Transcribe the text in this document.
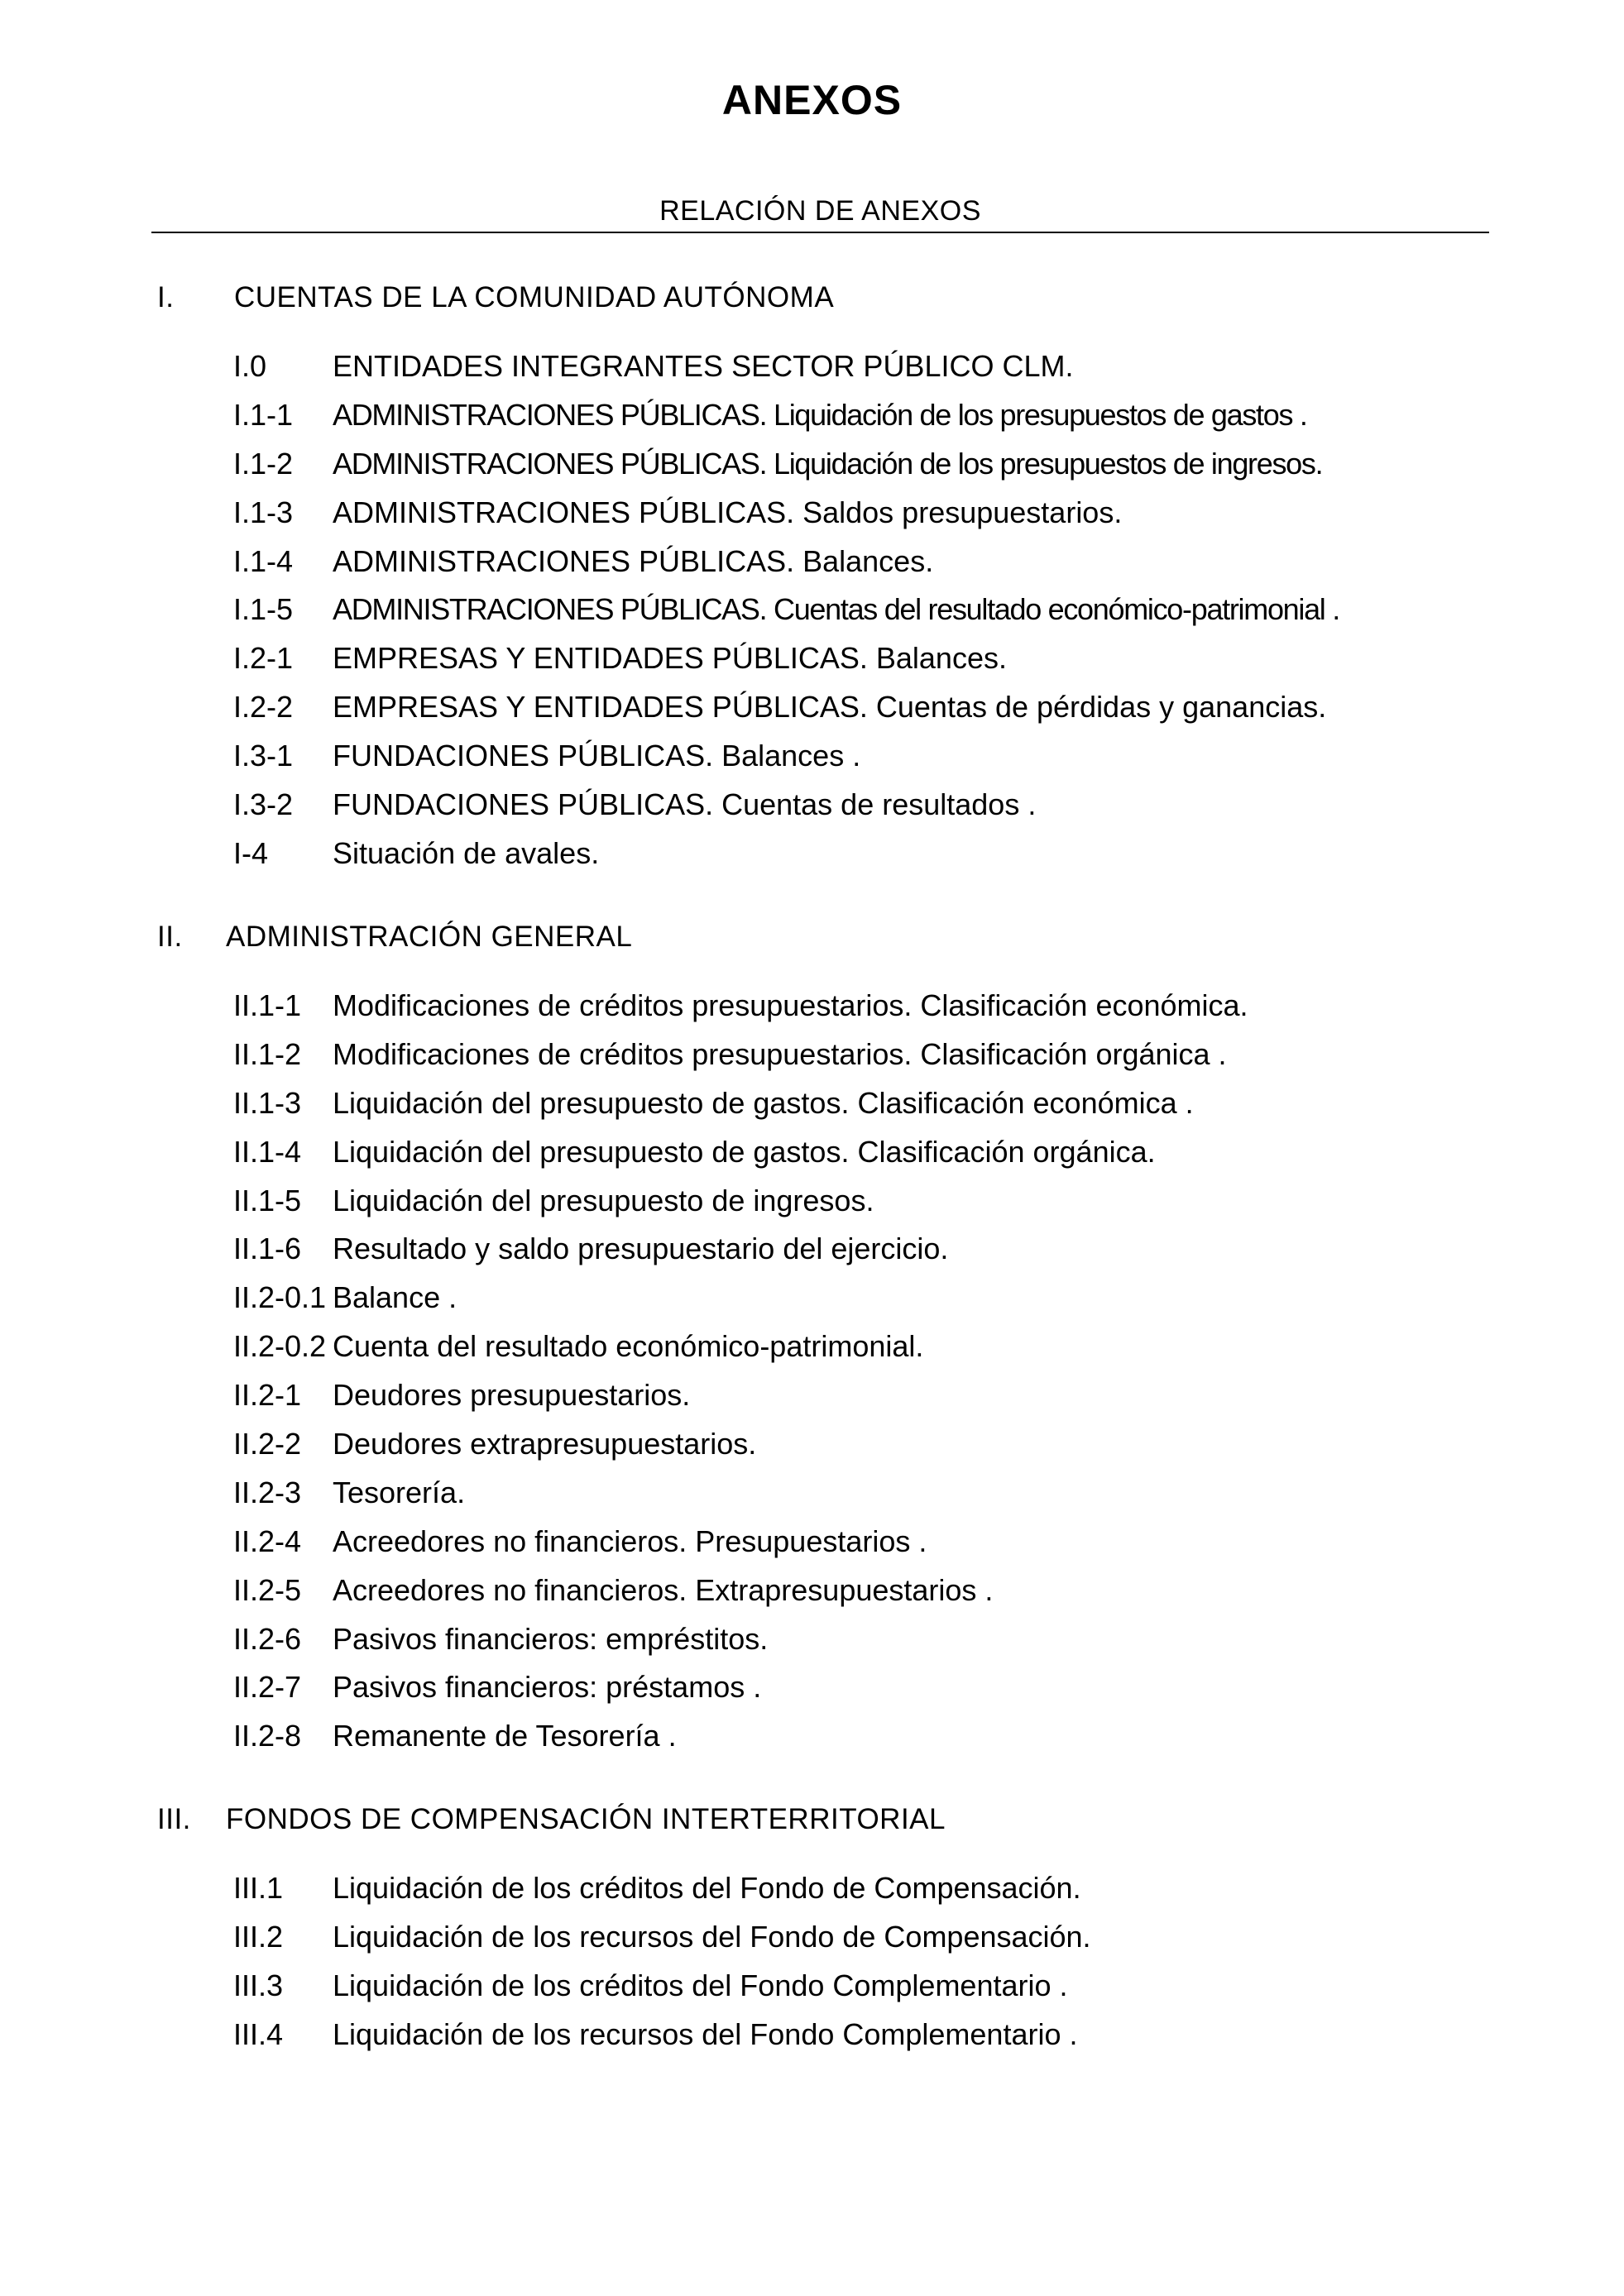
ANEXOS
RELACIÓN DE ANEXOS
I. CUENTAS DE LA COMUNIDAD AUTÓNOMA
I.0 ENTIDADES INTEGRANTES SECTOR PÚBLICO CLM.
I.1-1 ADMINISTRACIONES PÚBLICAS. Liquidación de los presupuestos de gastos .
I.1-2 ADMINISTRACIONES PÚBLICAS. Liquidación de los presupuestos de ingresos.
I.1-3 ADMINISTRACIONES PÚBLICAS. Saldos presupuestarios.
I.1-4 ADMINISTRACIONES PÚBLICAS. Balances.
I.1-5 ADMINISTRACIONES PÚBLICAS. Cuentas del resultado económico-patrimonial .
I.2-1 EMPRESAS Y ENTIDADES PÚBLICAS. Balances.
I.2-2 EMPRESAS Y ENTIDADES PÚBLICAS. Cuentas de pérdidas y ganancias.
I.3-1 FUNDACIONES PÚBLICAS. Balances .
I.3-2 FUNDACIONES PÚBLICAS. Cuentas de resultados .
I-4 Situación de avales.
II. ADMINISTRACIÓN GENERAL
II.1-1 Modificaciones de créditos presupuestarios. Clasificación económica.
II.1-2 Modificaciones de créditos presupuestarios. Clasificación orgánica .
II.1-3 Liquidación del presupuesto de gastos. Clasificación económica .
II.1-4 Liquidación del presupuesto de gastos. Clasificación orgánica.
II.1-5 Liquidación del presupuesto de ingresos.
II.1-6 Resultado y saldo presupuestario del ejercicio.
II.2-0.1 Balance .
II.2-0.2 Cuenta del resultado económico-patrimonial.
II.2-1 Deudores presupuestarios.
II.2-2 Deudores extrapresupuestarios.
II.2-3 Tesorería.
II.2-4 Acreedores no financieros. Presupuestarios .
II.2-5 Acreedores no financieros. Extrapresupuestarios .
II.2-6 Pasivos financieros: empréstitos.
II.2-7 Pasivos financieros: préstamos .
II.2-8 Remanente de Tesorería .
III. FONDOS DE COMPENSACIÓN INTERTERRITORIAL
III.1 Liquidación de los créditos del Fondo de Compensación.
III.2 Liquidación de los recursos del Fondo de Compensación.
III.3 Liquidación de los créditos del Fondo Complementario .
III.4 Liquidación de los recursos del Fondo Complementario .
